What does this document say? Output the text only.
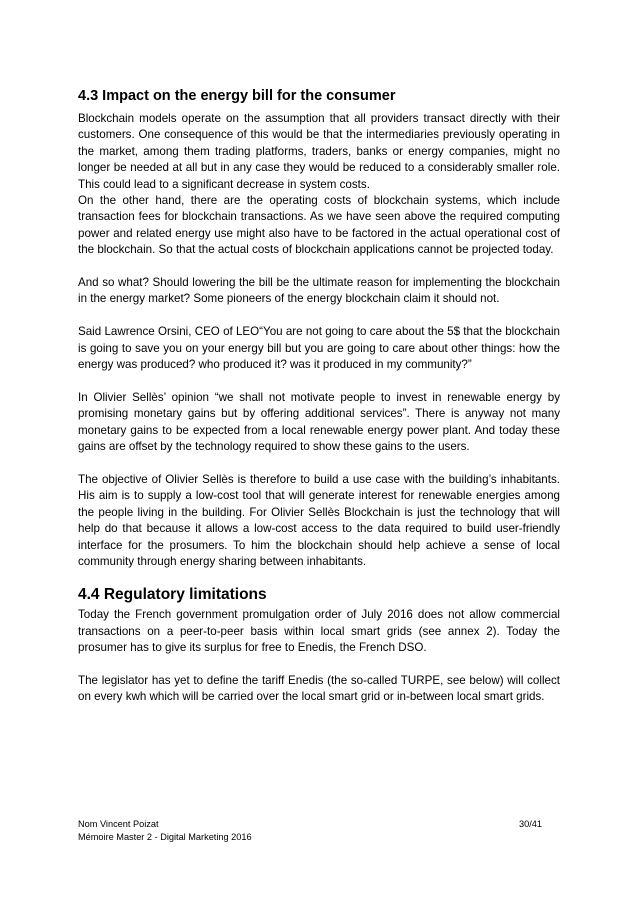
4.3 Impact on the energy bill for the consumer

Blockchain models operate on the assumption that all providers transact directly with their customers. One consequence of this would be that the intermediaries previously operating in the market, among them trading platforms, traders, banks or energy companies, might no longer be needed at all but in any case they would be reduced to a considerably smaller role. This could lead to a significant decrease in system costs.

On the other hand, there are the operating costs of blockchain systems, which include transaction fees for blockchain transactions. As we have seen above the required computing power and related energy use might also have to be factored in the actual operational cost of the blockchain. So that the actual costs of blockchain applications cannot be projected today.

And so what? Should lowering the bill be the ultimate reason for implementing the blockchain in the energy market? Some pioneers of the energy blockchain claim it should not.

Said Lawrence Orsini, CEO of LEO“You are not going to care about the 5$ that the blockchain is going to save you on your energy bill but you are going to care about other things: how the energy was produced? who produced it? was it produced in my community?”

In Olivier Sellès’ opinion “we shall not motivate people to invest in renewable energy by promising monetary gains but by offering additional services”. There is anyway not many monetary gains to be expected from a local renewable energy power plant. And today these gains are offset by the technology required to show these gains to the users.

The objective of Olivier Sellès is therefore to build a use case with the building’s inhabitants. His aim is to supply a low-cost tool that will generate interest for renewable energies among the people living in the building. For Olivier Sellès Blockchain is just the technology that will help do that because it allows a low-cost access to the data required to build user-friendly interface for the prosumers. To him the blockchain should help achieve a sense of local community through energy sharing between inhabitants.

4.4 Regulatory limitations

Today the French government promulgation order of July 2016 does not allow commercial transactions on a peer-to-peer basis within local smart grids (see annex 2). Today the prosumer has to give its surplus for free to Enedis, the French DSO.

The legislator has yet to define the tariff Enedis (the so-called TURPE, see below) will collect on every kwh which will be carried over the local smart grid or in-between local smart grids.

Nom Vincent Poizat	30/41
Mémoire Master 2 - Digital Marketing 2016
